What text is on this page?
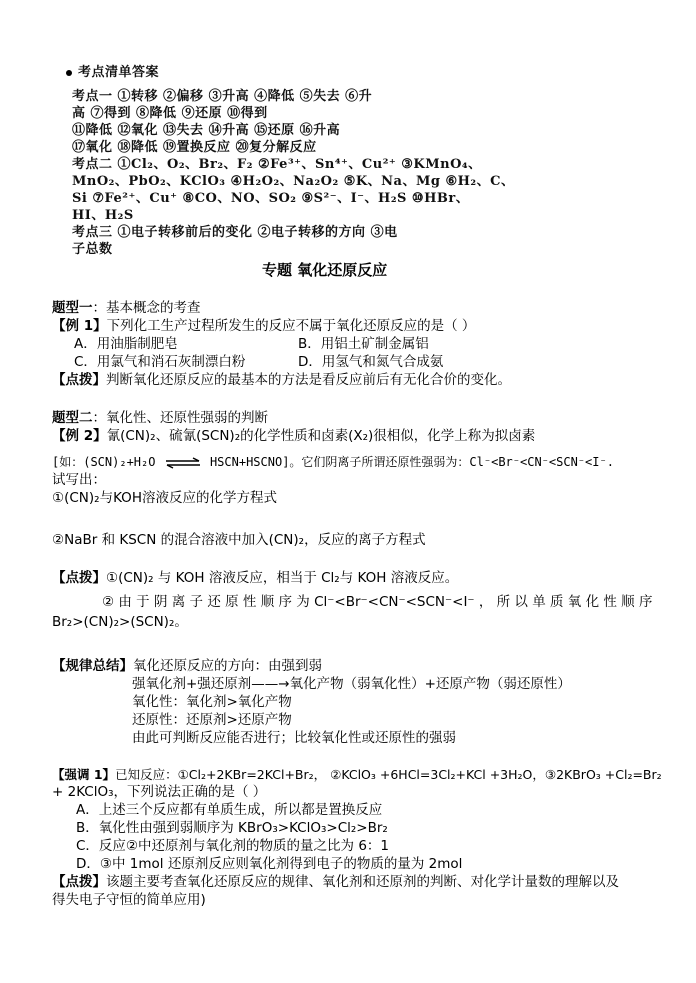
考点清单答案
考点一 ①转移 ②偏移 ③升高 ④降低 ⑤失去 ⑥升
高 ⑦得到 ⑧降低 ⑨还原 ⑩得到
⑪降低 ⑫氧化 ⑬失去 ⑭升高 ⑮还原 ⑯升高
⑰氧化 ⑱降低 ⑲置换反应 ⑳复分解反应
考点二 ①Cl₂、O₂、Br₂、F₂ ②Fe³⁺、Sn⁴⁺、Cu²⁺ ③KMnO₄、
MnO₂、PbO₂、KClO₃ ④H₂O₂、Na₂O₂ ⑤K、Na、Mg ⑥H₂、C、
Si ⑦Fe²⁺、Cu⁺ ⑧CO、NO、SO₂ ⑨S²⁻、I⁻、H₂S ⑩HBr、
HI、H₂S
考点三 ①电子转移前后的变化 ②电子转移的方向 ③电
子总数
专题 氧化还原反应
题型一：基本概念的考查
【例 1】下列化工生产过程所发生的反应不属于氧化还原反应的是（ ）
A．用油脂制肥皂	B．用铝土矿制金属铝
C．用氯气和消石灰制漂白粉	D．用氢气和氮气合成氨
【点拨】判断氧化还原反应的最基本的方法是看反应前后有无化合价的变化。
题型二：氧化性、还原性强弱的判断
【例 2】氰(CN)₂、硫氰(SCN)₂的化学性质和卤素(X₂)很相似，化学上称为拟卤素
[如：(SCN)₂+H₂O ⇌ HSCN+HSCNO]。它们阴离子所谓还原性强弱为：Cl⁻<Br⁻<CN⁻<SCN⁻<I⁻.
试写出：
①(CN)₂与KOH溶液反应的化学方程式
②NaBr 和 KSCN 的混合溶液中加入(CN)₂，反应的离子方程式
【点拨】①(CN)₂ 与 KOH 溶液反应，相当于 Cl₂与 KOH 溶液反应。
② 由 于 阴 离 子 还 原 性 顺 序 为 Cl⁻<Br⁻<CN⁻<SCN⁻<I⁻ ， 所 以 单 质 氧 化 性 顺 序
Br₂>(CN)₂>(SCN)₂。
【规律总结】氧化还原反应的方向：由强到弱
强氧化剂+强还原剂——→氧化产物（弱氧化性）+还原产物（弱还原性）
氧化性：氧化剂>氧化产物
还原性：还原剂>还原产物
由此可判断反应能否进行；比较氧化性或还原性的强弱
【强调 1】已知反应：①Cl₂+2KBr=2KCl+Br₂， ②KClO₃ +6HCl=3Cl₂+KCl +3H₂O，③2KBrO₃ +Cl₂=Br₂
+ 2KClO₃，下列说法正确的是（ ）
A．上述三个反应都有单质生成，所以都是置换反应
B．氧化性由强到弱顺序为 KBrO₃>KClO₃>Cl₂>Br₂
C．反应②中还原剂与氧化剂的物质的量之比为 6：1
D．③中 1mol 还原剂反应则氧化剂得到电子的物质的量为 2mol
【点拨】该题主要考查氧化还原反应的规律、氧化剂和还原剂的判断、对化学计量数的理解以及
得失电子守恒的简单应用)
